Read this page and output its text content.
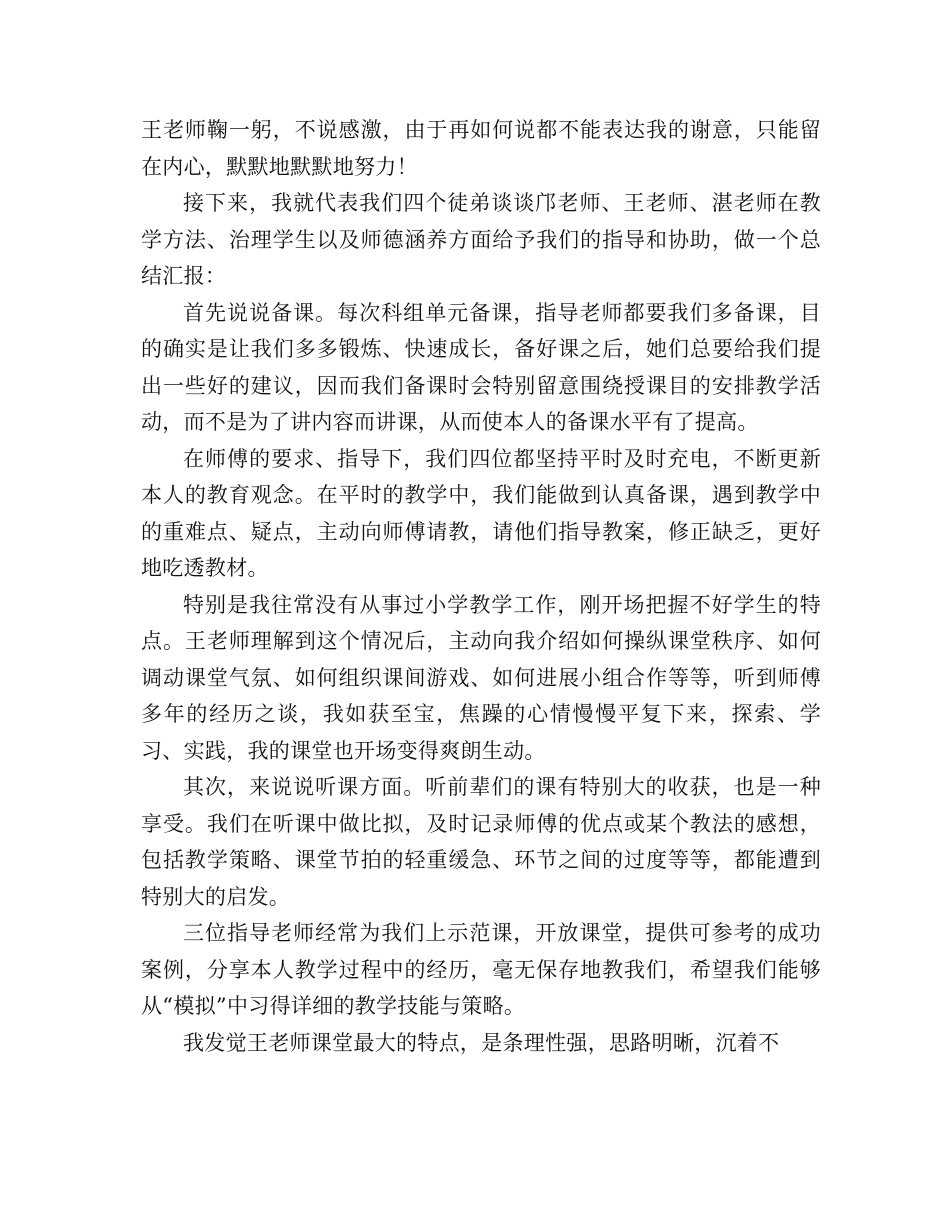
王老师鞠一躬，不说感激，由于再如何说都不能表达我的谢意，只能留在内心，默默地默默地努力！

接下来，我就代表我们四个徒弟谈谈邝老师、王老师、湛老师在教学方法、治理学生以及师德涵养方面给予我们的指导和协助，做一个总结汇报：

首先说说备课。每次科组单元备课，指导老师都要我们多备课，目的确实是让我们多多锻炼、快速成长，备好课之后，她们总要给我们提出一些好的建议，因而我们备课时会特别留意围绕授课目的安排教学活动，而不是为了讲内容而讲课，从而使本人的备课水平有了提高。

在师傅的要求、指导下，我们四位都坚持平时及时充电，不断更新本人的教育观念。在平时的教学中，我们能做到认真备课，遇到教学中的重难点、疑点，主动向师傅请教，请他们指导教案，修正缺乏，更好地吃透教材。

特别是我往常没有从事过小学教学工作，刚开场把握不好学生的特点。王老师理解到这个情况后，主动向我介绍如何操纵课堂秩序、如何调动课堂气氛、如何组织课间游戏、如何进展小组合作等等，听到师傅多年的经历之谈，我如获至宝，焦躁的心情慢慢平复下来，探索、学习、实践，我的课堂也开场变得爽朗生动。

其次，来说说听课方面。听前辈们的课有特别大的收获，也是一种享受。我们在听课中做比拟，及时记录师傅的优点或某个教法的感想，包括教学策略、课堂节拍的轻重缓急、环节之间的过度等等，都能遭到特别大的启发。

三位指导老师经常为我们上示范课，开放课堂，提供可参考的成功案例，分享本人教学过程中的经历，毫无保存地教我们，希望我们能够从“模拟”中习得详细的教学技能与策略。

我发觉王老师课堂最大的特点，是条理性强，思路明晰，沉着不
